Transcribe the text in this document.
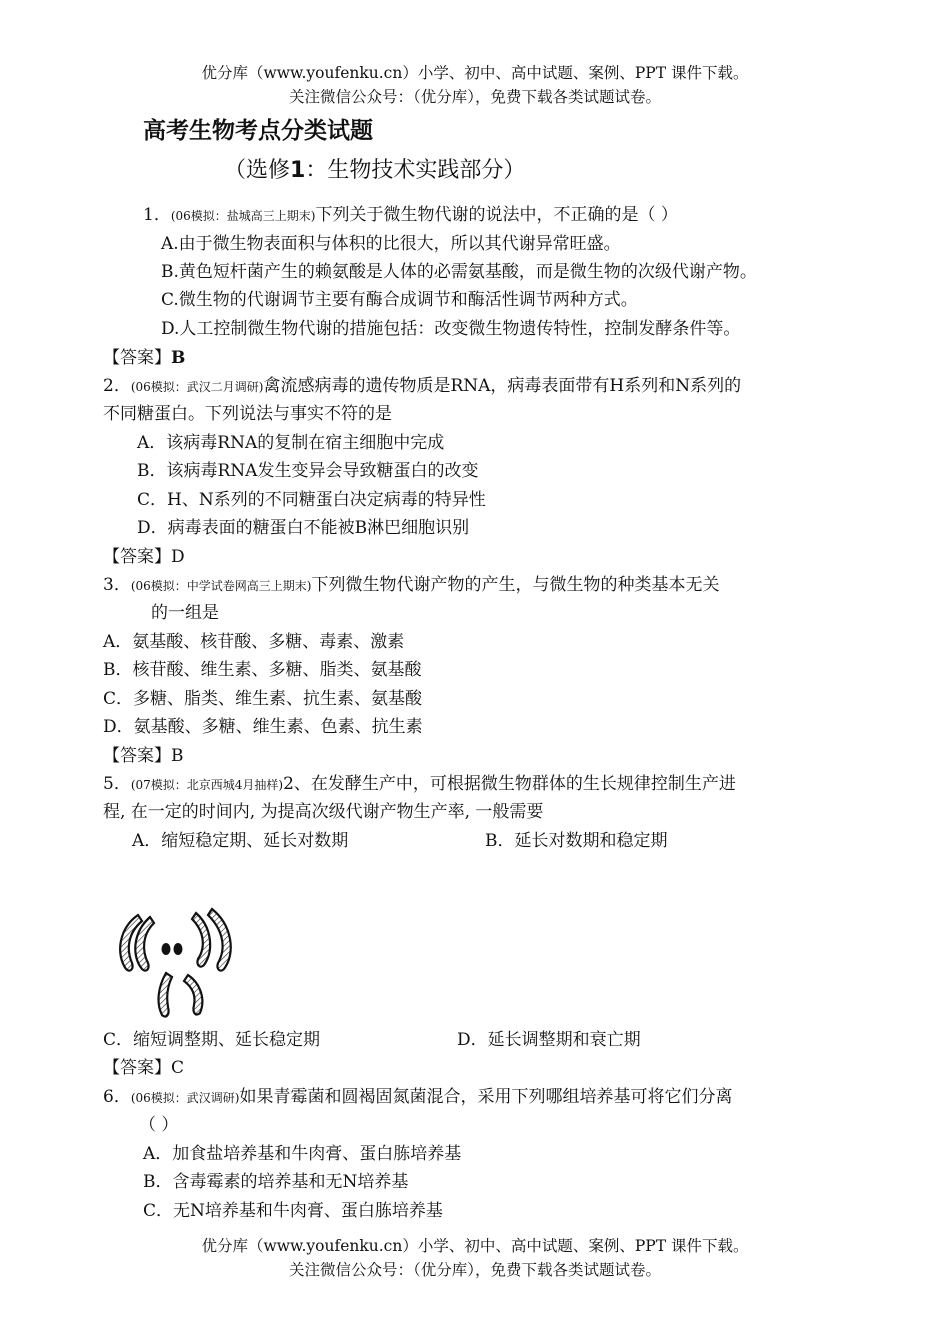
优分库（www.youfenku.cn）小学、初中、高中试题、案例、PPT 课件下载。
关注微信公众号：（优分库），免费下载各类试题试卷。
高考生物考点分类试题
（选修1：生物技术实践部分）
1．(06模拟：盐城高三上期末)下列关于微生物代谢的说法中，不正确的是（ ）
A.由于微生物表面积与体积的比很大，所以其代谢异常旺盛。
B.黄色短杆菌产生的赖氨酸是人体的必需氨基酸，而是微生物的次级代谢产物。
C.微生物的代谢调节主要有酶合成调节和酶活性调节两种方式。
D.人工控制微生物代谢的措施包括：改变微生物遗传特性，控制发酵条件等。
【答案】B
2．(06模拟：武汉二月调研)禽流感病毒的遗传物质是RNA，病毒表面带有H系列和N系列的
不同糖蛋白。下列说法与事实不符的是
A．该病毒RNA的复制在宿主细胞中完成
B．该病毒RNA发生变异会导致糖蛋白的改变
C．H、N系列的不同糖蛋白决定病毒的特异性
D．病毒表面的糖蛋白不能被B淋巴细胞识别
【答案】D
3．(06模拟：中学试卷网高三上期末)下列微生物代谢产物的产生，与微生物的种类基本无关
的一组是
A．氨基酸、核苷酸、多糖、毒素、激素
B．核苷酸、维生素、多糖、脂类、氨基酸
C．多糖、脂类、维生素、抗生素、氨基酸
D．氨基酸、多糖、维生素、色素、抗生素
【答案】B
5．(07模拟：北京西城4月抽样)2、在发酵生产中，可根据微生物群体的生长规律控制生产进
程, 在一定的时间内, 为提高次级代谢产物生产率, 一般需要
A．缩短稳定期、延长对数期	B．延长对数期和稳定期
C．缩短调整期、延长稳定期	D．延长调整期和衰亡期
【答案】C
6．(06模拟：武汉调研)如果青霉菌和圆褐固氮菌混合，采用下列哪组培养基可将它们分离
（ ）
A．加食盐培养基和牛肉膏、蛋白胨培养基
B．含毒霉素的培养基和无N培养基
C．无N培养基和牛肉膏、蛋白胨培养基
优分库（www.youfenku.cn）小学、初中、高中试题、案例、PPT 课件下载。
关注微信公众号：（优分库），免费下载各类试题试卷。
